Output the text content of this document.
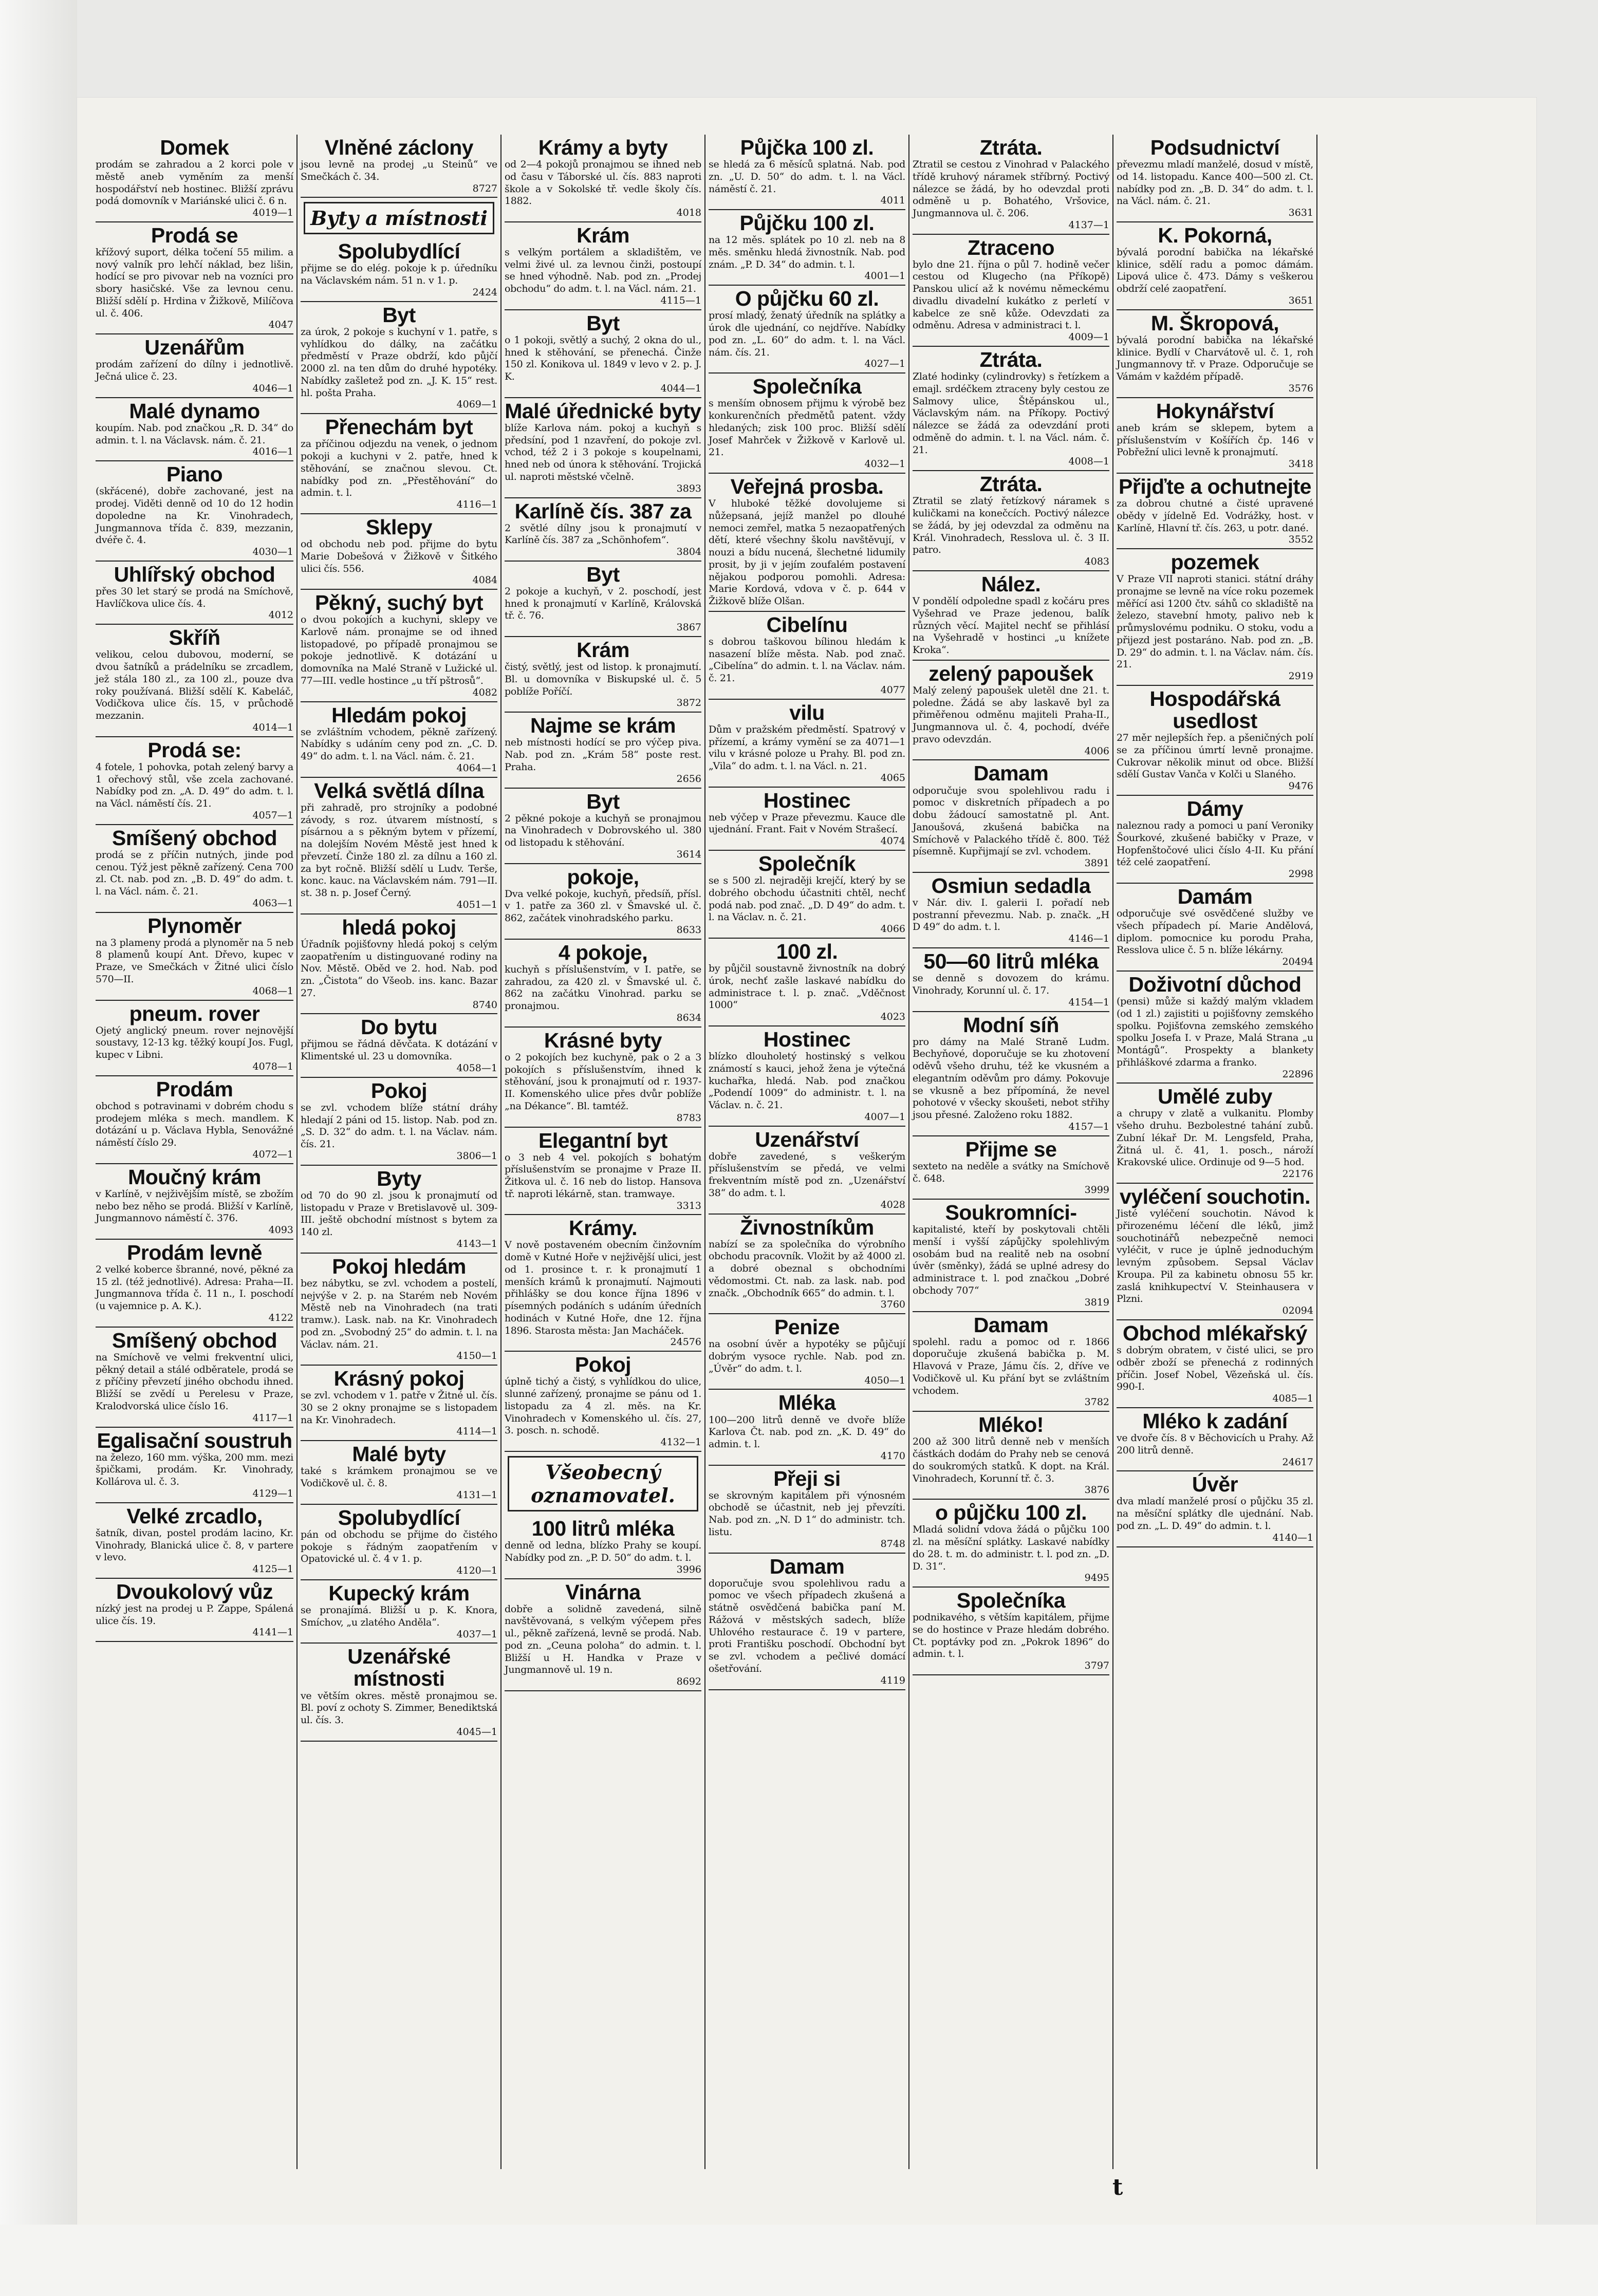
Domek
prodám se zahradou a 2 korci pole v městě aneb vyměním za menší hospodářství neb hostinec. Bližší zprávu podá domovník v Mariánské ulici č. 6 n.
4019—1
Prodá se
křížový suport, délka točení 55 milim. a nový valník pro lehčí náklad, bez lišin, hodící se pro pivovar neb na vozníci pro sbory hasičské. Vše za levnou cenu. Bližší sdělí p. Hrdina v Žižkově, Milíčova ul. č. 406.
4047
Uzenářům
prodám zařízení do dílny i jednotlivě. Ječná ulice č. 23.
4046—1
Malé dynamo
koupím. Nab. pod značkou „R. D. 34“ do admin. t. l. na Václavsk. nám. č. 21.
4016—1
Piano
(skřácené), dobře zachované, jest na prodej. Viděti denně od 10 do 12 hodin dopoledne na Kr. Vinohradech, Jungmannova třída č. 839, mezzanin, dvéře č. 4.
4030—1
Uhlířský obchod
přes 30 let starý se prodá na Smíchově, Havlíčkova ulice čís. 4.
4012
Skříň
velikou, celou dubovou, moderní, se dvou šatníků a prádelníku se zrcadlem, jež stála 180 zl., za 100 zl., pouze dva roky používaná. Bližší sdělí K. Kabeláč, Vodičkova ulice čís. 15, v průchodě mezzanin.
4014—1
Prodá se:
4 fotele, 1 pohovka, potah zelený barvy a 1 ořechový stůl, vše zcela zachované. Nabídky pod zn. „A. D. 49“ do adm. t. l. na Václ. náměstí čís. 21.
4057—1
Smíšený obchod
prodá se z příčin nutných, jinde pod cenou. Týž jest pěkně zařízený. Cena 700 zl. Ct. nab. pod zn. „B. D. 49“ do adm. t. l. na Václ. nám. č. 21.
4063—1
Plynoměr
na 3 plameny prodá a plynoměr na 5 neb 8 plamenů koupí Ant. Dřevo, kupec v Praze, ve Smečkách v Žitné ulici číslo 570—II.
4068—1
pneum. rover
Ojetý anglický pneum. rover nejnovější soustavy, 12-13 kg. těžký koupí Jos. Fugl, kupec v Libni.
4078—1
Prodám
obchod s potravinami v dobrém chodu s prodejem mléka s mech. mandlem. K dotázání u p. Václava Hybla, Senovážné náměstí číslo 29.
4072—1
Moučný krám
v Karlíně, v nejživějším místě, se zbožím nebo bez něho se prodá. Bližší v Karlíně, Jungmannovo náměstí č. 376.
4093
Prodám levně
2 velké koberce šbranné, nové, pěkné za 15 zl. (též jednotlivé). Adresa: Praha—II. Jungmannova třída č. 11 n., I. poschodí (u vajemnice p. A. K.).
4122
Smíšený obchod
na Smíchově ve velmi frekventní ulici, pěkný detail a stálé odběratele, prodá se z příčiny převzetí jiného obchodu ihned. Bližší se zvědí u Perelesu v Praze, Kralodvorská ulice číslo 16.
4117—1
Egalisační soustruh
na železo, 160 mm. výška, 200 mm. mezi špičkami, prodám. Kr. Vinohrady, Kollárova ul. č. 3.
4129—1
Velké zrcadlo,
šatník, divan, postel prodám lacino, Kr. Vinohrady, Blanická ulice č. 8, v partere v levo.
4125—1
Dvoukolový vůz
nízký jest na prodej u P. Zappe, Spálená ulice čís. 19.
4141—1
Vlněné záclony
jsou levně na prodej „u Steinů“ ve Smečkách č. 34.
8727
Byty a místnosti
Spolubydlící
přijme se do elég. pokoje k p. úředníku na Václavském nám. 51 n. v 1. p.
2424
Byt
za úrok, 2 pokoje s kuchyní v 1. patře, s vyhlídkou do dálky, na začátku předměstí v Praze obdrží, kdo půjčí 2000 zl. na ten dům do druhé hypotéky. Nabídky zašletež pod zn. „J. K. 15“ rest. hl. pošta Praha.
4069—1
Přenechám byt
za příčinou odjezdu na venek, o jednom pokoji a kuchyni v 2. patře, hned k stěhování, se značnou slevou. Ct. nabídky pod zn. „Přestěhování“ do admin. t. l.
4116—1
Sklepy
od obchodu neb pod. přijme do bytu Marie Dobešová v Žižkově v Šitkého ulici čís. 556.
4084
Pěkný, suchý byt
o dvou pokojích a kuchyni, sklepy ve Karlově nám. pronajme se od ihned listopadové, po případě pronajmou se pokoje jednotlivě. K dotázání u domovníka na Malé Straně v Lužické ul. 77—III. vedle hostince „u tří pštrosů“.
4082
Hledám pokoj
se zvláštním vchodem, pěkně zařízený. Nabídky s udáním ceny pod zn. „C. D. 49“ do adm. t. l. na Václ. nám. č. 21.
4064—1
Velká světlá dílna
při zahradě, pro strojníky a podobné závody, s roz. útvarem místností, s písárnou a s pěkným bytem v přízemí, na dolejším Novém Městě jest hned k převzetí. Činže 180 zl. za dílnu a 160 zl. za byt ročně. Bližší sdělí u Ludv. Terše, konc. kauc. na Václavském nám. 791—II. st. 38 n. p. Josef Černý.
4051—1
hledá pokoj
Úřadník pojišťovny hledá pokoj s celým zaopatřením u distinguované rodiny na Nov. Městě. Oběd ve 2. hod. Nab. pod zn. „Čistota“ do Všeob. ins. kanc. Bazar 27.
8740
Do bytu
přijmou se řádná děvčata. K dotázání v Klimentské ul. 23 u domovníka.
4058—1
Pokoj
se zvl. vchodem blíže státní dráhy hledají 2 páni od 15. listop. Nab. pod zn. „S. D. 32“ do adm. t. l. na Václav. nám. čís. 21.
3806—1
Byty
od 70 do 90 zl. jsou k pronajmutí od listopadu v Praze v Bretislavově ul. 309-III. ještě obchodní místnost s bytem za 140 zl.
4143—1
Pokoj hledám
bez nábytku, se zvl. vchodem a postelí, nejvýše v 2. p. na Starém neb Novém Městě neb na Vinohradech (na trati tramw.). Lask. nab. na Kr. Vinohradech pod zn. „Svobodný 25“ do admin. t. l. na Václav. nám. 21.
4150—1
Krásný pokoj
se zvl. vchodem v 1. patře v Žitné ul. čís. 30 se 2 okny pronajme se s listopadem na Kr. Vinohradech.
4114—1
Malé byty
také s krámkem pronajmou se ve Vodičkově ul. č. 8.
4131—1
Spolubydlící
pán od obchodu se přijme do čistého pokoje s řádným zaopatřením v Opatovické ul. č. 4 v 1. p.
4120—1
Kupecký krám
se pronajímá. Bližší u p. K. Knora, Smíchov, „u zlatého Anděla“.
4037—1
Uzenářské místnosti
ve větším okres. městě pronajmou se. Bl. poví z ochoty S. Zimmer, Benediktská ul. čís. 3.
4045—1
Krámy a byty
od 2—4 pokojů pronajmou se ihned neb od času v Táborské ul. čís. 883 naproti škole a v Sokolské tř. vedle školy čís. 1882.
4018
Krám
s velkým portálem a skladištěm, ve velmi živé ul. za levnou činži, postoupí se hned výhodně. Nab. pod zn. „Prodej obchodu“ do adm. t. l. na Václ. nám. 21.
4115—1
Byt
o 1 pokoji, světlý a suchý, 2 okna do ul., hned k stěhování, se přenechá. Činže 150 zl. Konikova ul. 1849 v levo v 2. p. J. K.
4044—1
Malé úřednické byty
blíže Karlova nám. pokoj a kuchyň s předsíní, pod 1 nzavření, do pokoje zvl. vchod, též 2 i 3 pokoje s koupelnami, hned neb od února k stěhování. Trojická ul. naproti městské včelně.
3893
Karlíně čís. 387 za
2 světlé dílny jsou k pronajmutí v Karlíně čís. 387 za „Schönhofem“.
3804
Byt
2 pokoje a kuchyň, v 2. poschodí, jest hned k pronajmutí v Karlíně, Královská tř. č. 76.
3867
Krám
čistý, světlý, jest od listop. k pronajmutí. Bl. u domovníka v Biskupské ul. č. 5 poblíže Poříčí.
3872
Najme se krám
neb místnosti hodící se pro výčep piva. Nab. pod zn. „Krám 58“ poste rest. Praha.
2656
Byt
2 pěkné pokoje a kuchyň se pronajmou na Vinohradech v Dobrovského ul. 380 od listopadu k stěhování.
3614
pokoje,
Dva velké pokoje, kuchyň, předsíň, přísl. v 1. patře za 360 zl. v Šmavské ul. č. 862, začátek vinohradského parku.
8633
4 pokoje,
kuchyň s příslušenstvím, v I. patře, se zahradou, za 420 zl. v Šmavské ul. č. 862 na začátku Vinohrad. parku se pronajmou.
8634
Krásné byty
o 2 pokojích bez kuchyně, pak o 2 a 3 pokojích s příslušenstvím, ihned k stěhování, jsou k pronajmutí od r. 1937-II. Komenského ulice přes dvůr poblíže „na Dékance“. Bl. tamtéž.
8783
Elegantní byt
o 3 neb 4 vel. pokojích s bohatým příslušenstvím se pronajme v Praze II. Žitkova ul. č. 16 neb do listop. Hansova tř. naproti lékárně, stan. tramwaye.
3313
Krámy.
V nově postaveném obecním činžovním domě v Kutné Hoře v nejživější ulici, jest od 1. prosince t. r. k pronajmutí 1 menších krámů k pronajmutí. Najmouti přihlášky se dou konce října 1896 v písemných podáních s udáním úředních hodinách v Kutné Hoře, dne 12. října 1896. Starosta města: Jan Macháček.
24576
Pokoj
úplně tichý a čistý, s vyhlídkou do ulice, slunné zařízený, pronajme se pánu od 1. listopadu za 4 zl. měs. na Kr. Vinohradech v Komenského ul. čís. 27, 3. posch. n. schodě.
4132—1
Všeobecný oznamovatel.
100 litrů mléka
denně od ledna, blízko Prahy se koupí. Nabídky pod zn. „P. D. 50“ do adm. t. l.
3996
Vinárna
dobře a solidně zavedená, silně navštěvovaná, s velkým výčepem přes ul., pěkně zařízená, levně se prodá. Nab. pod zn. „Ceuna poloha“ do admin. t. l. Bližší u H. Handka v Praze v Jungmannově ul. 19 n.
8692
Půjčka 100 zl.
se hledá za 6 měsíců splatná. Nab. pod zn. „U. D. 50“ do adm. t. l. na Václ. náměstí č. 21.
4011
Půjčku 100 zl.
na 12 měs. splátek po 10 zl. neb na 8 měs. směnku hledá živnostník. Nab. pod znám. „P. D. 34“ do admin. t. l.
4001—1
O půjčku 60 zl.
prosí mladý, ženatý úředník na splátky a úrok dle ujednání, co nejdříve. Nabídky pod zn. „L. 60“ do adm. t. l. na Václ. nám. čís. 21.
4027—1
Společníka
s menším obnosem přijmu k výrobě bez konkurenčních předmětů patent. vždy hledaných; zisk 100 proc. Bližší sdělí Josef Mahrček v Žižkově v Karlově ul. 21.
4032—1
Veřejná prosba.
V hluboké těžké dovolujeme si nůžepsaná, jejíž manžel po dlouhé nemoci zemřel, matka 5 nezaopatřených dětí, které všechny školu navštěvují, v nouzi a bídu nucená, šlechetné lidumily prosit, by ji v jejím zoufalém postavení nějakou podporou pomohli. Adresa: Marie Kordová, vdova v č. p. 644 v Žižkově blíže Olšan.
Cibelínu
s dobrou taškovou bílinou hledám k nasazení blíže města. Nab. pod znač. „Cibelína“ do admin. t. l. na Václav. nám. č. 21.
4077
vilu
Dům v pražském předměstí. Spatrový v přízemí, a krámy vymění se za 4071—1 vilu v krásné poloze u Prahy. Bl. pod zn. „Vila“ do adm. t. l. na Václ. n. 21.
4065
Hostinec
neb výčep v Praze převezmu. Kauce dle ujednání. Frant. Fait v Novém Strašecí.
4074
Společník
se s 500 zl. nejraději krejčí, který by se dobrého obchodu účastniti chtěl, nechť podá nab. pod znač. „D. D 49“ do adm. t. l. na Václav. n. č. 21.
4066
100 zl.
by půjčil soustavně živnostník na dobrý úrok, nechť zašle laskavé nabídku do administrace t. l. p. znač. „Vděčnost 1000“
4023
Hostinec
blízko dlouholetý hostinský s velkou známostí s kauci, jehož žena je výtečná kuchařka, hledá. Nab. pod značkou „Podendí 1009“ do administr. t. l. na Václav. n. č. 21.
4007—1
Uzenářství
dobře zavedené, s veškerým příslušenstvím se předá, ve velmi frekventním místě pod zn. „Uzenářství 38“ do adm. t. l.
4028
Živnostníkům
nabízí se za společníka do výrobního obchodu pracovník. Vložit by až 4000 zl. a dobré obeznal s obchodními vědomostmi. Ct. nab. za lask. nab. pod značk. „Obchodník 665“ do admin. t. l.
3760
Penize
na osobní úvěr a hypotéky se půjčují dobrým vysoce rychle. Nab. pod zn. „Úvěr“ do adm. t. l.
4050—1
Mléka
100—200 litrů denně ve dvoře blíže Karlova Čt. nab. pod zn. „K. D. 49“ do admin. t. l.
4170
Přeji si
se skrovným kapitálem při výnosném obchodě se účastnit, neb jej převzíti. Nab. pod zn. „N. D 1“ do administr. tch. listu.
8748
Damam
doporučuje svou spolehlivou radu a pomoc ve všech případech zkušená a státně osvědčená babička paní M. Rážová v městských sadech, blíže Uhlového restaurace č. 19 v partere, proti Františku poschodí. Obchodní byt se zvl. vchodem a pečlivé domácí ošetřování.
4119
Ztráta.
Ztratil se cestou z Vinohrad v Palackého třídě kruhový náramek stříbrný. Poctivý nálezce se žádá, by ho odevzdal proti odměně u p. Bohatého, Vršovice, Jungmannova ul. č. 206.
4137—1
Ztraceno
bylo dne 21. října o půl 7. hodině večer cestou od Klugecho (na Příkopě) Panskou ulicí až k novému německému divadlu divadelní kukátko z perletí v kabelce ze sně kůže. Odevzdati za odměnu. Adresa v administraci t. l.
4009—1
Ztráta.
Zlaté hodinky (cylindrovky) s řetízkem a emajl. srdéčkem ztraceny byly cestou ze Salmovy ulice, Štěpánskou ul., Václavským nám. na Příkopy. Poctivý nálezce se žádá za odevzdání proti odměně do admin. t. l. na Václ. nám. č. 21.
4008—1
Ztráta.
Ztratil se zlatý řetízkový náramek s kuličkami na konečcích. Poctivý nálezce se žádá, by jej odevzdal za odměnu na Král. Vinohradech, Resslova ul. č. 3 II. patro.
4083
Nález.
V pondělí odpoledne spadl z kočáru pres Vyšehrad ve Praze jedenou, balík různých věcí. Majitel nechť se přihlásí na Vyšehradě v hostinci „u knížete Kroka“.
zelený papoušek
Malý zelený papoušek uletěl dne 21. t. poledne. Žádá se aby laskavě byl za přiměřenou odměnu majiteli Praha-II., Jungmannova ul. č. 4, pochodí, dvéře pravo odevzdán.
4006
Damam
odporučuje svou spolehlivou radu i pomoc v diskretních případech a po dobu žádoucí samostatně pl. Ant. Janoušová, zkušená babička na Smíchově v Palackého třídě č. 800. Též písemně. Kupřijmají se zvl. vchodem.
3891
Osmiun sedadla
v Nár. div. I. galerii I. pořadí neb postranní převezmu. Nab. p. značk. „H D 49“ do adm. t. l.
4146—1
50—60 litrů mléka
se denně s dovozem do krámu. Vinohrady, Korunní ul. č. 17.
4154—1
Modní síň
pro dámy na Malé Straně Ludm. Bechyňové, doporučuje se ku zhotovení oděvů všeho druhu, též ke vkusném a elegantním oděvům pro dámy. Pokovuje se vkusně a bez přípomíná, že nevel pohotové v všecky skoušeti, nebot střihy jsou přesné. Založeno roku 1882.
4157—1
Přijme se
sexteto na neděle a svátky na Smíchově č. 648.
3999
Soukromníci-
kapitalisté, kteří by poskytovali chtěli menší i vyšší zápůjčky spolehlivým osobám bud na realitě neb na osobní úvěr (směnky), žádá se uplné adresy do administrace t. l. pod značkou „Dobré obchody 707“
3819
Damam
spolehl. radu a pomoc od r. 1866 doporučuje zkušená babička p. M. Hlavová v Praze, Jámu čís. 2, dříve ve Vodičkově ul. Ku přání byt se zvláštním vchodem.
3782
Mléko!
200 až 300 litrů denně neb v menších částkách dodám do Prahy neb se cenová do soukromých statků. K dopt. na Král. Vinohradech, Korunní tř. č. 3.
3876
o půjčku 100 zl.
Mladá solidní vdova žádá o půjčku 100 zl. na měsíční splátky. Laskavé nabídky do 28. t. m. do administr. t. l. pod zn. „D. D. 31“.
9495
Společníka
podnikavého, s větším kapitálem, přijme se do hostince v Praze hledám dobrého. Ct. poptávky pod zn. „Pokrok 1896“ do admin. t. l.
3797
Podsudnictví
převezmu mladí manželé, dosud v místě, od 14. listopadu. Kance 400—500 zl. Ct. nabídky pod zn. „B. D. 34“ do adm. t. l. na Václ. nám. č. 21.
3631
K. Pokorná,
bývalá porodní babička na lékařské klinice, sdělí radu a pomoc dámám. Lipová ulice č. 473. Dámy s veškerou obdrží celé zaopatření.
3651
M. Škropová,
bývalá porodní babička na lékařské klinice. Bydlí v Charvátově ul. č. 1, roh Jungmannovy tř. v Praze. Odporučuje se Vámám v každém případě.
3576
Hokynářství
aneb krám se sklepem, bytem a příslušenstvím v Košířích čp. 146 v Pobřežní ulici levně k pronajmutí.
3418
Přijďte a ochutnejte
za dobrou chutné a čisté upravené obědy v jídelně Ed. Vodrážky, host. v Karlíně, Hlavní tř. čís. 263, u potr. dané.
3552
pozemek
V Praze VII naproti stanici. státní dráhy pronajme se levně na více roku pozemek měřící asi 1200 čtv. sáhů co skladiště na železo, stavební hmoty, palivo neb k průmyslovému podniku. O stoku, vodu a přijezd jest postaráno. Nab. pod zn. „B. D. 29“ do admin. t. l. na Václav. nám. čís. 21.
2919
Hospodářská usedlost
27 měr nejlepších řep. a pšeničných polí se za příčinou úmrtí levně pronajme. Cukrovar několik minut od obce. Bližší sdělí Gustav Vanča v Kolči u Slaného.
9476
Dámy
naleznou rady a pomoci u paní Veroniky Šourkové, zkušené babičky v Praze, v Hopfenštočové ulici číslo 4-II. Ku přání též celé zaopatření.
2998
Damám
odporučuje své osvědčené služby ve všech případech pí. Marie Andělová, diplom. pomocnice ku porodu Praha, Resslova ulice č. 5 n. blíže lékárny.
20494
Doživotní důchod
(pensi) může si každý malým vkladem (od 1 zl.) zajistiti u pojišťovny zemského spolku. Pojišťovna zemského zemského spolku Josefa I. v Praze, Malá Strana „u Montágů“. Prospekty a blankety přihláškové zdarma a franko.
22896
Umělé zuby
a chrupy v zlatě a vulkanitu. Plomby všeho druhu. Bezbolestné tahání zubů. Zubní lékař Dr. M. Lengsfeld, Praha, Žitná ul. č. 41, 1. posch., nároží Krakovské ulice. Ordinuje od 9—5 hod.
22176
vyléčení souchotin.
Jisté vyléčení souchotin. Návod k přirozenému léčení dle léků, jimž souchotinářů nebezpečně nemoci vyléčit, v ruce je úplně jednoduchým levným způsobem. Sepsal Václav Kroupa. Pil za kabinetu obnosu 55 kr. zaslá knihkupectví V. Steinhausera v Plzni.
02094
Obchod mlékařský
s dobrým obratem, v čisté ulici, se pro odběr zboží se přenechá z rodinných příčin. Josef Nobel, Vězeňská ul. čís. 990-I.
4085—1
Mléko k zadání
ve dvoře čís. 8 v Běchovicích u Prahy. Až 200 litrů denně.
24617
Úvěr
dva mladí manželé prosí o půjčku 35 zl. na měsíční splátky dle ujednání. Nab. pod zn. „L. D. 49“ do admin. t. l.
4140—1
t
